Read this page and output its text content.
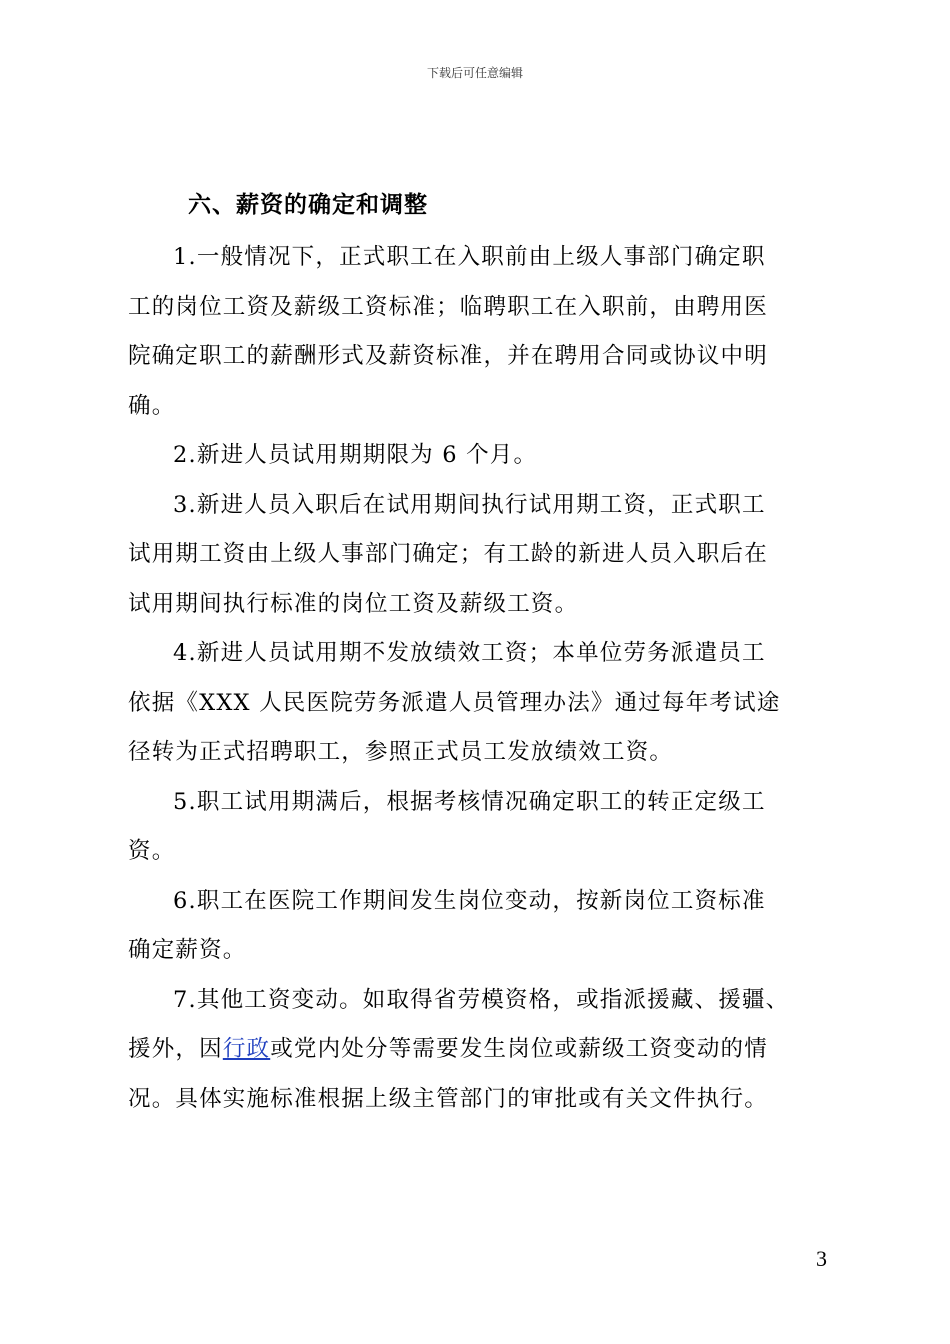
下载后可任意编辑
六、薪资的确定和调整

1.一般情况下，正式职工在入职前由上级人事部门确定职
工的岗位工资及薪级工资标准；临聘职工在入职前，由聘用医
院确定职工的薪酬形式及薪资标准，并在聘用合同或协议中明
确。

2.新进人员试用期期限为 6 个月。

3.新进人员入职后在试用期间执行试用期工资，正式职工
试用期工资由上级人事部门确定；有工龄的新进人员入职后在
试用期间执行标准的岗位工资及薪级工资。

4.新进人员试用期不发放绩效工资；本单位劳务派遣员工
依据《XXX 人民医院劳务派遣人员管理办法》通过每年考试途
径转为正式招聘职工，参照正式员工发放绩效工资。

5.职工试用期满后，根据考核情况确定职工的转正定级工
资。

6.职工在医院工作期间发生岗位变动，按新岗位工资标准
确定薪资。

7.其他工资变动。如取得省劳模资格，或指派援藏、援疆、
援外，因行政或党内处分等需要发生岗位或薪级工资变动的情
况。具体实施标准根据上级主管部门的审批或有关文件执行。

3
